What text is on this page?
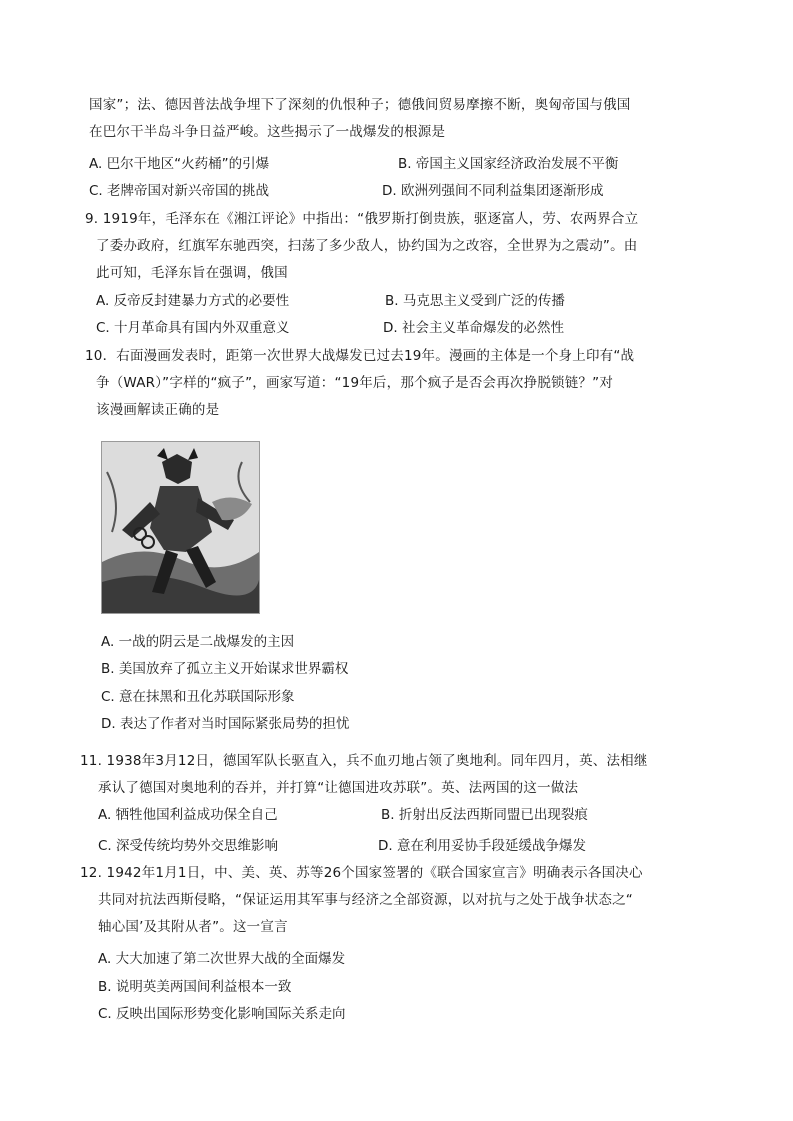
国家”；法、德因普法战争埋下了深刻的仇恨种子；德俄间贸易摩擦不断，奥匈帝国与俄国
在巴尔干半岛斗争日益严峻。这些揭示了一战爆发的根源是
A. 巴尔干地区“火药桶”的引爆	B. 帝国主义国家经济政治发展不平衡
C. 老牌帝国对新兴帝国的挑战	D. 欧洲列强间不同利益集团逐渐形成
9. 1919年，毛泽东在《湘江评论》中指出：“俄罗斯打倒贵族，驱逐富人，劳、农两界合立
了委办政府，红旗军东驰西突，扫荡了多少敌人，协约国为之改容，全世界为之震动”。由
此可知，毛泽东旨在强调，俄国
A. 反帝反封建暴力方式的必要性	B. 马克思主义受到广泛的传播
C. 十月革命具有国内外双重意义	D. 社会主义革命爆发的必然性
10．右面漫画发表时，距第一次世界大战爆发已过去19年。漫画的主体是一个身上印有“战
争（WAR）”字样的“疯子”，画家写道：“19年后，那个疯子是否会再次挣脱锁链？”对
该漫画解读正确的是
A. 一战的阴云是二战爆发的主因
B. 美国放弃了孤立主义开始谋求世界霸权
C. 意在抹黑和丑化苏联国际形象
D. 表达了作者对当时国际紧张局势的担忧
11. 1938年3月12日，德国军队长驱直入，兵不血刃地占领了奥地利。同年四月，英、法相继
承认了德国对奥地利的吞并，并打算“让德国进攻苏联”。英、法两国的这一做法
A. 牺牲他国利益成功保全自己	B. 折射出反法西斯同盟已出现裂痕
C. 深受传统均势外交思维影响	D. 意在利用妥协手段延缓战争爆发
12. 1942年1月1日，中、美、英、苏等26个国家签署的《联合国家宣言》明确表示各国决心
共同对抗法西斯侵略，“保证运用其军事与经济之全部资源，以对抗与之处于战争状态之“
轴心国’及其附从者”。这一宣言
A. 大大加速了第二次世界大战的全面爆发
B. 说明英美两国间利益根本一致
C. 反映出国际形势变化影响国际关系走向
